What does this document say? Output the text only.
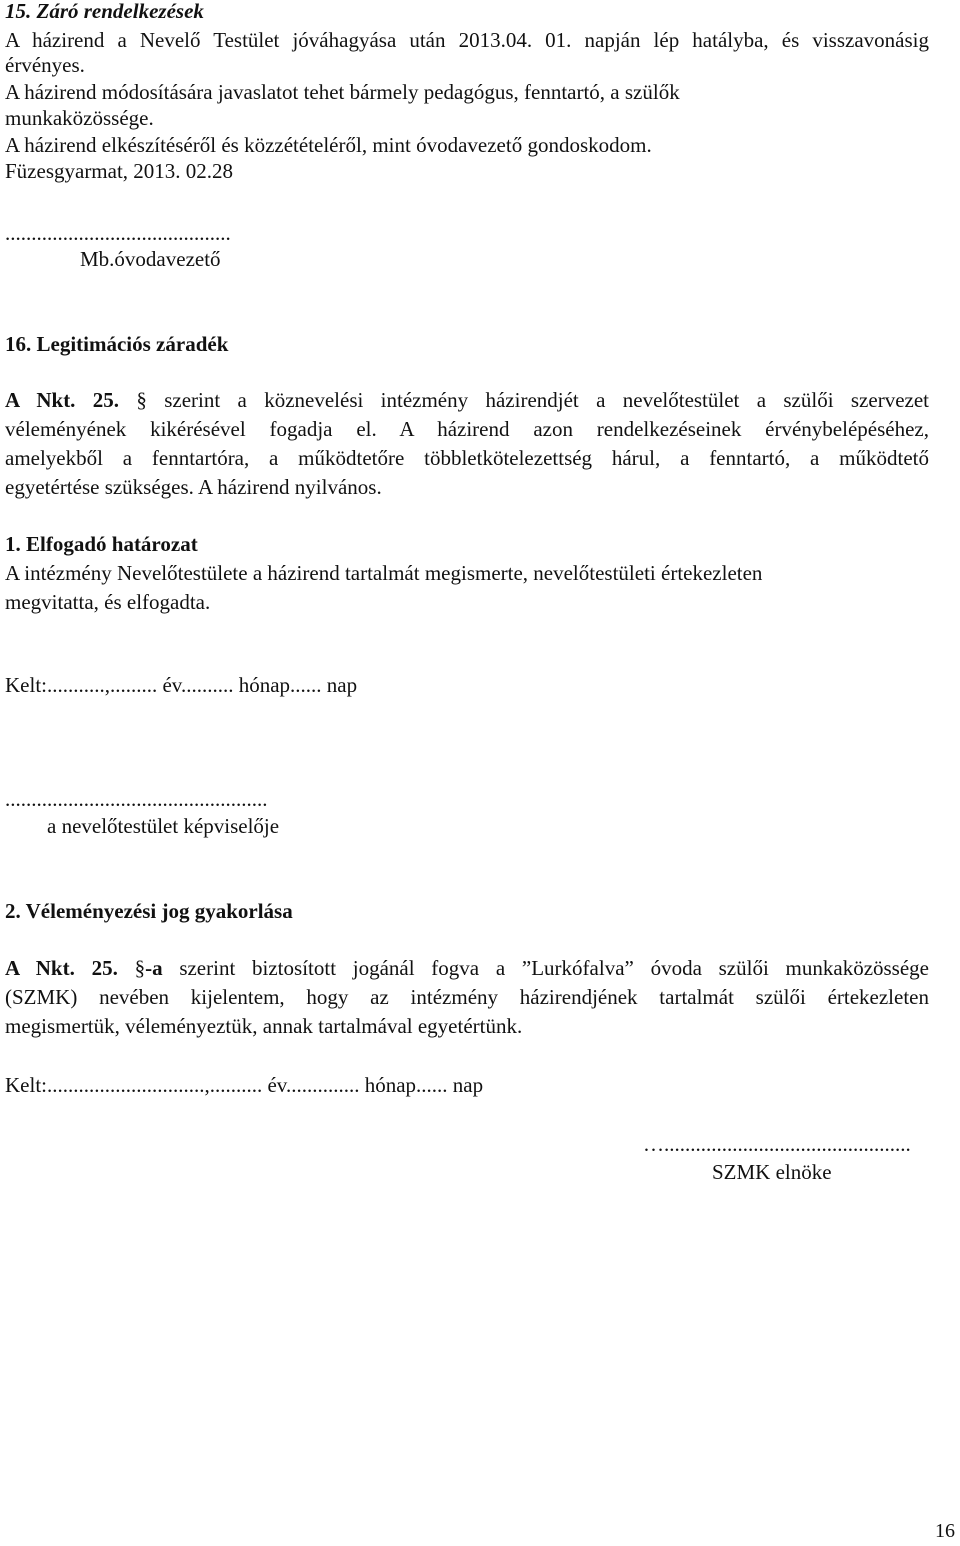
15. Záró rendelkezések
A házirend a Nevelő Testület jóváhagyása után 2013.04. 01. napján lép hatályba, és visszavonásig
érvényes.
A házirend módosítására javaslatot tehet bármely pedagógus, fenntartó, a szülők
munkaközössége.
A házirend elkészítéséről és közzétételéről, mint óvodavezető gondoskodom.
Füzesgyarmat, 2013. 02.28
...........................................
Mb.óvodavezető
16. Legitimációs záradék
A Nkt. 25. § szerint a köznevelési intézmény házirendjét a nevelőtestület a szülői szervezet
véleményének kikérésével fogadja el. A házirend azon rendelkezéseinek érvénybelépéséhez,
amelyekből a fenntartóra, a működtetőre többletkötelezettség hárul, a fenntartó, a működtető
egyetértése szükséges. A házirend nyilvános.
1. Elfogadó határozat
A intézmény Nevelőtestülete a házirend tartalmát megismerte, nevelőtestületi értekezleten
megvitatta, és elfogadta.
Kelt:...........,......... év.......... hónap...... nap
..................................................
a nevelőtestület képviselője
2. Véleményezési jog gyakorlása
A Nkt. 25. §-a szerint biztosított jogánál fogva a ”Lurkófalva” óvoda szülői munkaközössége
(SZMK) nevében kijelentem, hogy az intézmény házirendjének tartalmát szülői értekezleten
megismertük, véleményeztük, annak tartalmával egyetértünk.
Kelt:..............................,.......... év.............. hónap...... nap
…...............................................
SZMK elnöke
16
